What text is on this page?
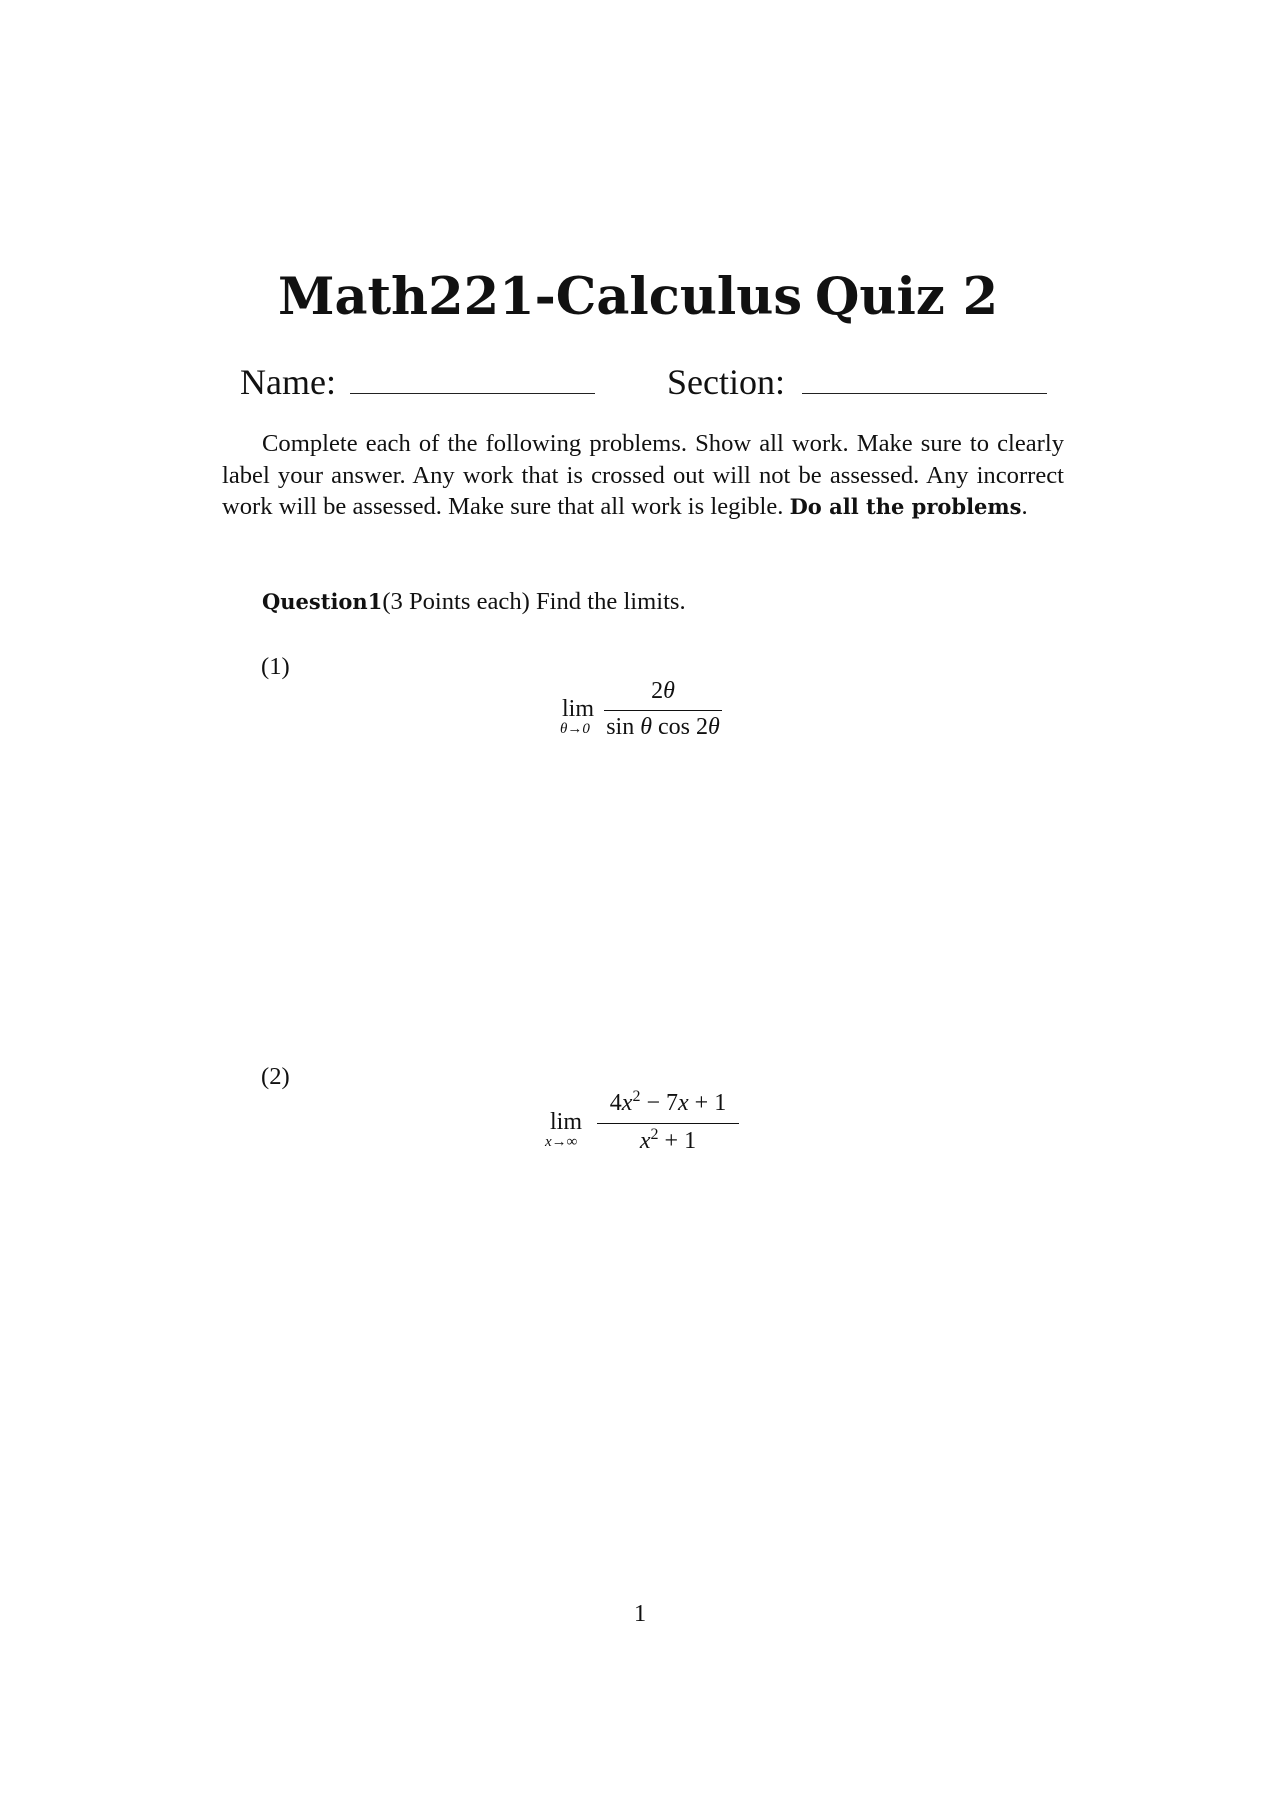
Math221-Calculus Quiz 2
Name:	Section:

Complete each of the following problems. Show all work. Make sure to clearly label your answer. Any work that is crossed out will not be assessed. Any incorrect work will be assessed. Make sure that all work is legible. Do all the problems.

Question1(3 Points each) Find the limits.
(1)
lim
θ→0
2θ
sin θ cos 2θ
(2)
lim
x→∞
$4x^2 - 7x + 1$
$x^2 + 1$
1
